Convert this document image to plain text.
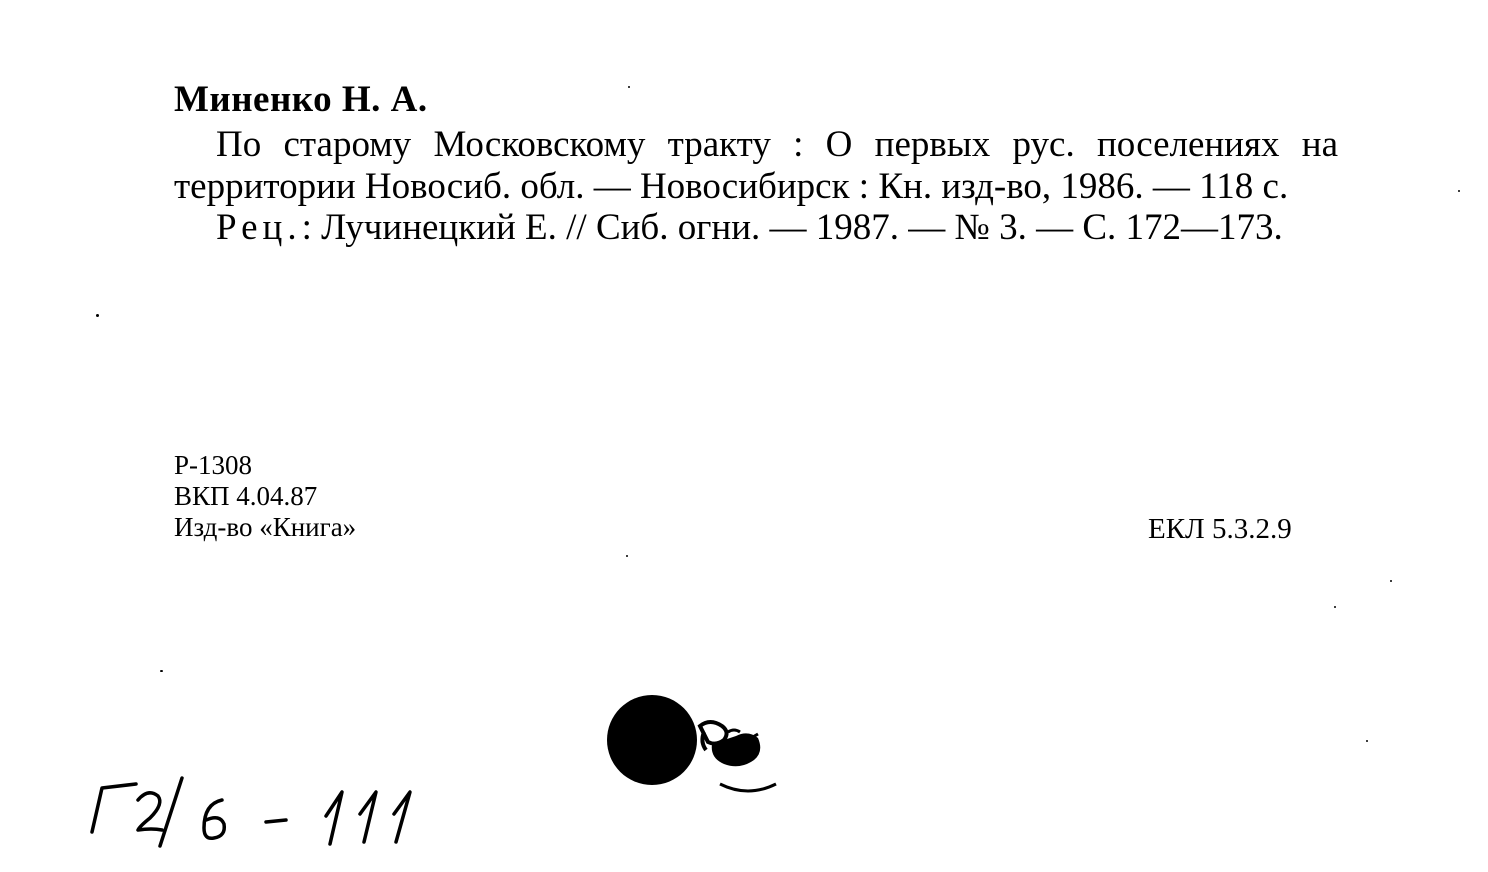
Миненко Н. А.

По старому Московскому тракту : О первых рус. поселениях на территории Новосиб. обл. — Новосибирск : Кн. изд-во, 1986. — 118 с.

Рец.: Лучинецкий Е. // Сиб. огни. — 1987. — № 3. — С. 172—173.

Р-1308
ВКП 4.04.87
Изд-во «Книга»	ЕКЛ 5.3.2.9
